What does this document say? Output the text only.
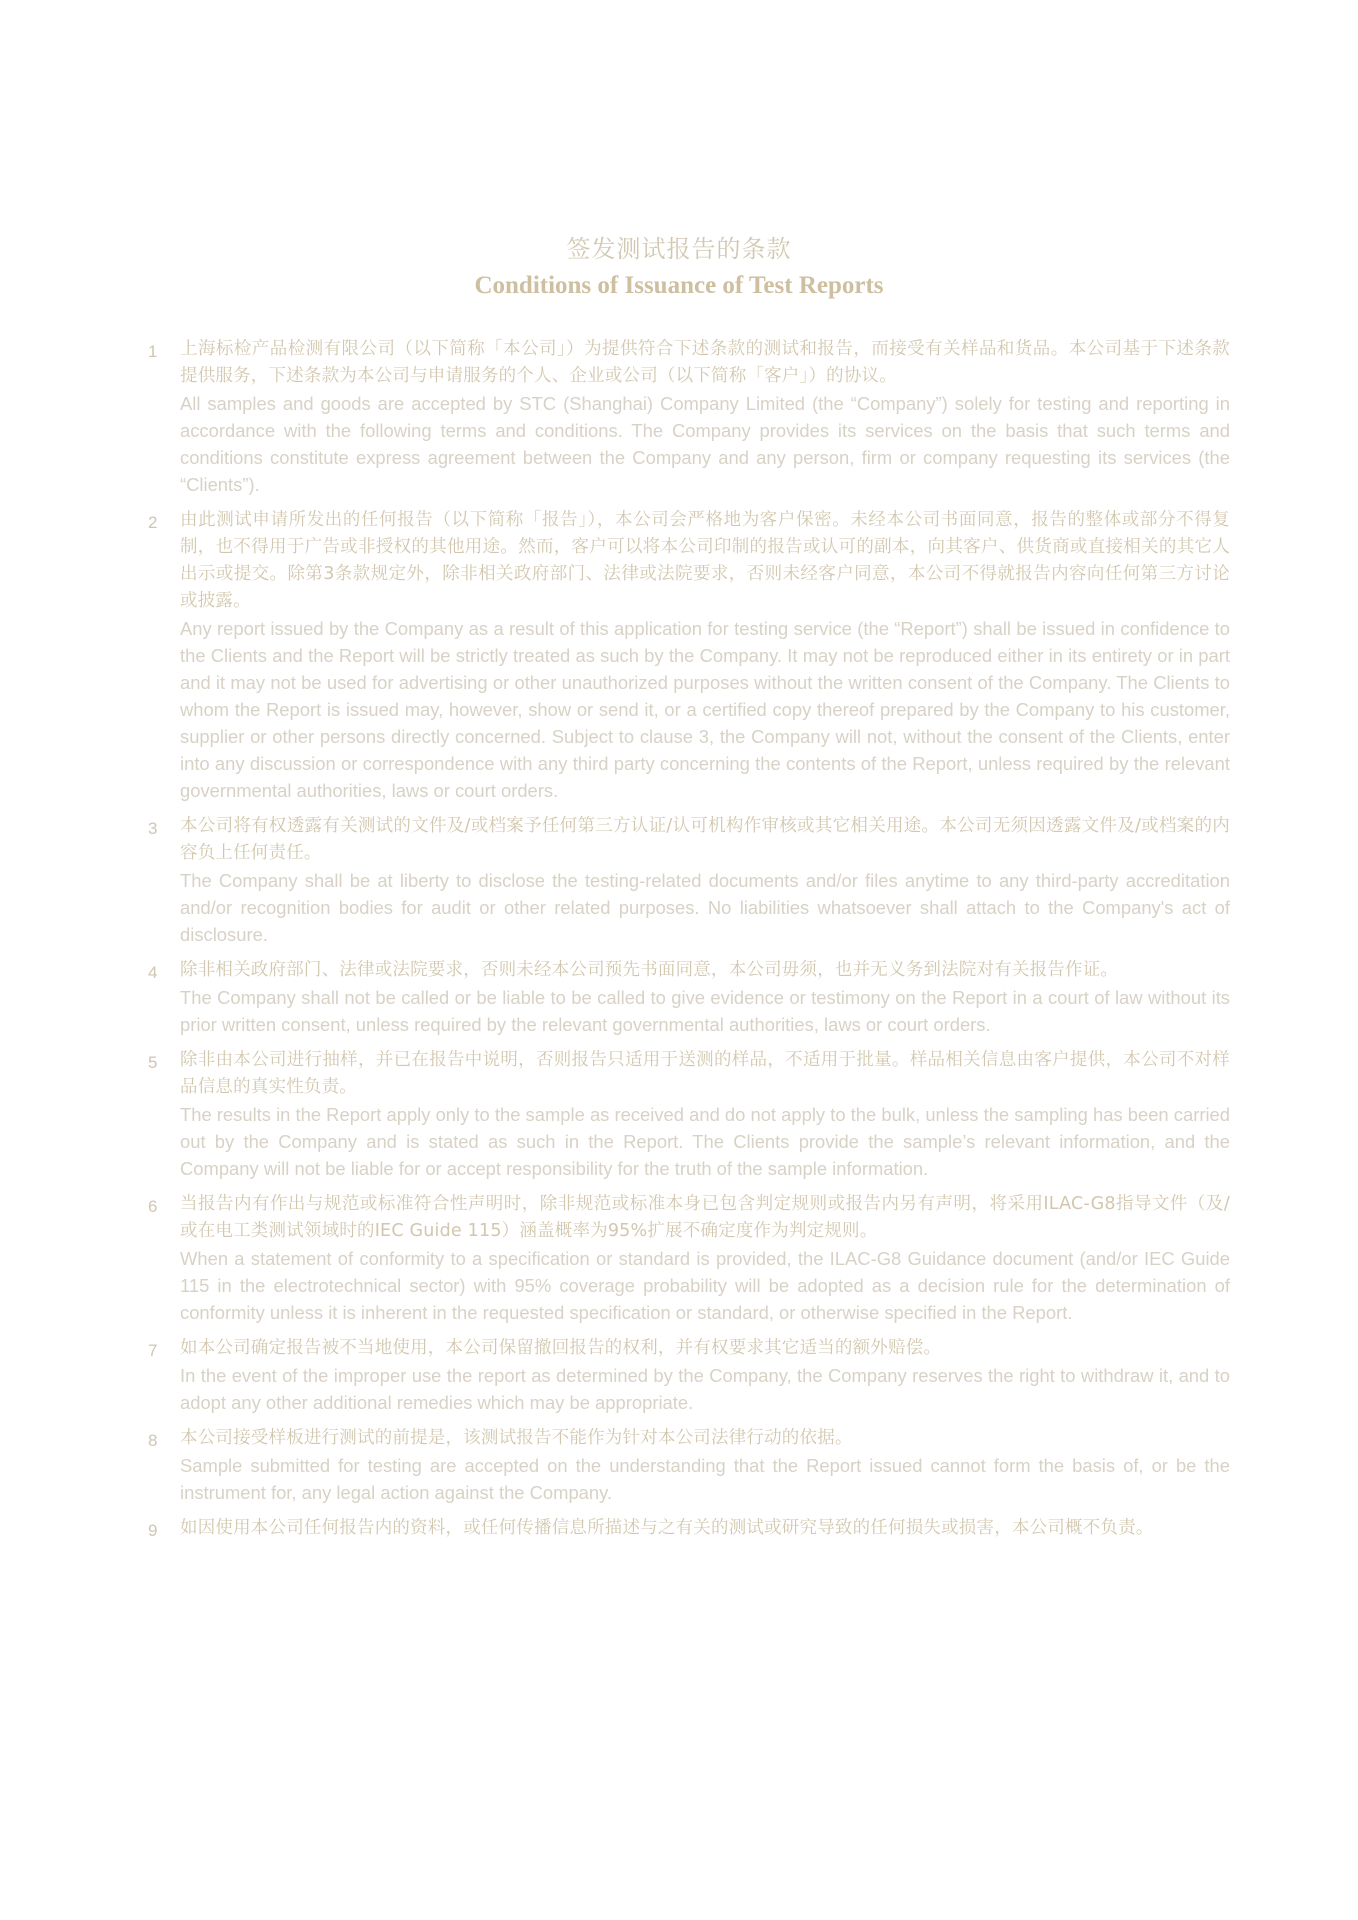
签发测试报告的条款
Conditions of Issuance of Test Reports
1	上海标检产品检测有限公司（以下简称「本公司」）为提供符合下述条款的测试和报告，而接受有关样品和货品。本公司基于下述条款提供服务，下述条款为本公司与申请服务的个人、企业或公司（以下简称「客户」）的协议。
All samples and goods are accepted by STC (Shanghai) Company Limited (the “Company”) solely for testing and reporting in accordance with the following terms and conditions. The Company provides its services on the basis that such terms and conditions constitute express agreement between the Company and any person, firm or company requesting its services (the “Clients”).
2	由此测试申请所发出的任何报告（以下简称「报告」），本公司会严格地为客户保密。未经本公司书面同意，报告的整体或部分不得复制，也不得用于广告或非授权的其他用途。然而，客户可以将本公司印制的报告或认可的副本，向其客户、供货商或直接相关的其它人出示或提交。除第3条款规定外，除非相关政府部门、法律或法院要求，否则未经客户同意，本公司不得就报告内容向任何第三方讨论或披露。
Any report issued by the Company as a result of this application for testing service (the “Report”) shall be issued in confidence to the Clients and the Report will be strictly treated as such by the Company. It may not be reproduced either in its entirety or in part and it may not be used for advertising or other unauthorized purposes without the written consent of the Company. The Clients to whom the Report is issued may, however, show or send it, or a certified copy thereof prepared by the Company to his customer, supplier or other persons directly concerned. Subject to clause 3, the Company will not, without the consent of the Clients, enter into any discussion or correspondence with any third party concerning the contents of the Report, unless required by the relevant governmental authorities, laws or court orders.
3	本公司将有权透露有关测试的文件及/或档案予任何第三方认证/认可机构作审核或其它相关用途。本公司无须因透露文件及/或档案的内容负上任何责任。
The Company shall be at liberty to disclose the testing-related documents and/or files anytime to any third-party accreditation and/or recognition bodies for audit or other related purposes. No liabilities whatsoever shall attach to the Company's act of disclosure.
4	除非相关政府部门、法律或法院要求，否则未经本公司预先书面同意，本公司毋须，也并无义务到法院对有关报告作证。
The Company shall not be called or be liable to be called to give evidence or testimony on the Report in a court of law without its prior written consent, unless required by the relevant governmental authorities, laws or court orders.
5	除非由本公司进行抽样，并已在报告中说明，否则报告只适用于送测的样品，不适用于批量。样品相关信息由客户提供，本公司不对样品信息的真实性负责。
The results in the Report apply only to the sample as received and do not apply to the bulk, unless the sampling has been carried out by the Company and is stated as such in the Report. The Clients provide the sample’s relevant information, and the Company will not be liable for or accept responsibility for the truth of the sample information.
6	当报告内有作出与规范或标准符合性声明时，除非规范或标准本身已包含判定规则或报告内另有声明，将采用ILAC-G8指导文件（及/或在电工类测试领域时的IEC Guide 115）涵盖概率为95%扩展不确定度作为判定规则。
When a statement of conformity to a specification or standard is provided, the ILAC-G8 Guidance document (and/or IEC Guide 115 in the electrotechnical sector) with 95% coverage probability will be adopted as a decision rule for the determination of conformity unless it is inherent in the requested specification or standard, or otherwise specified in the Report.
7	如本公司确定报告被不当地使用，本公司保留撤回报告的权利，并有权要求其它适当的额外赔偿。
In the event of the improper use the report as determined by the Company, the Company reserves the right to withdraw it, and to adopt any other additional remedies which may be appropriate.
8	本公司接受样板进行测试的前提是，该测试报告不能作为针对本公司法律行动的依据。
Sample submitted for testing are accepted on the understanding that the Report issued cannot form the basis of, or be the instrument for, any legal action against the Company.
9	如因使用本公司任何报告内的资料，或任何传播信息所描述与之有关的测试或研究导致的任何损失或损害，本公司概不负责。
